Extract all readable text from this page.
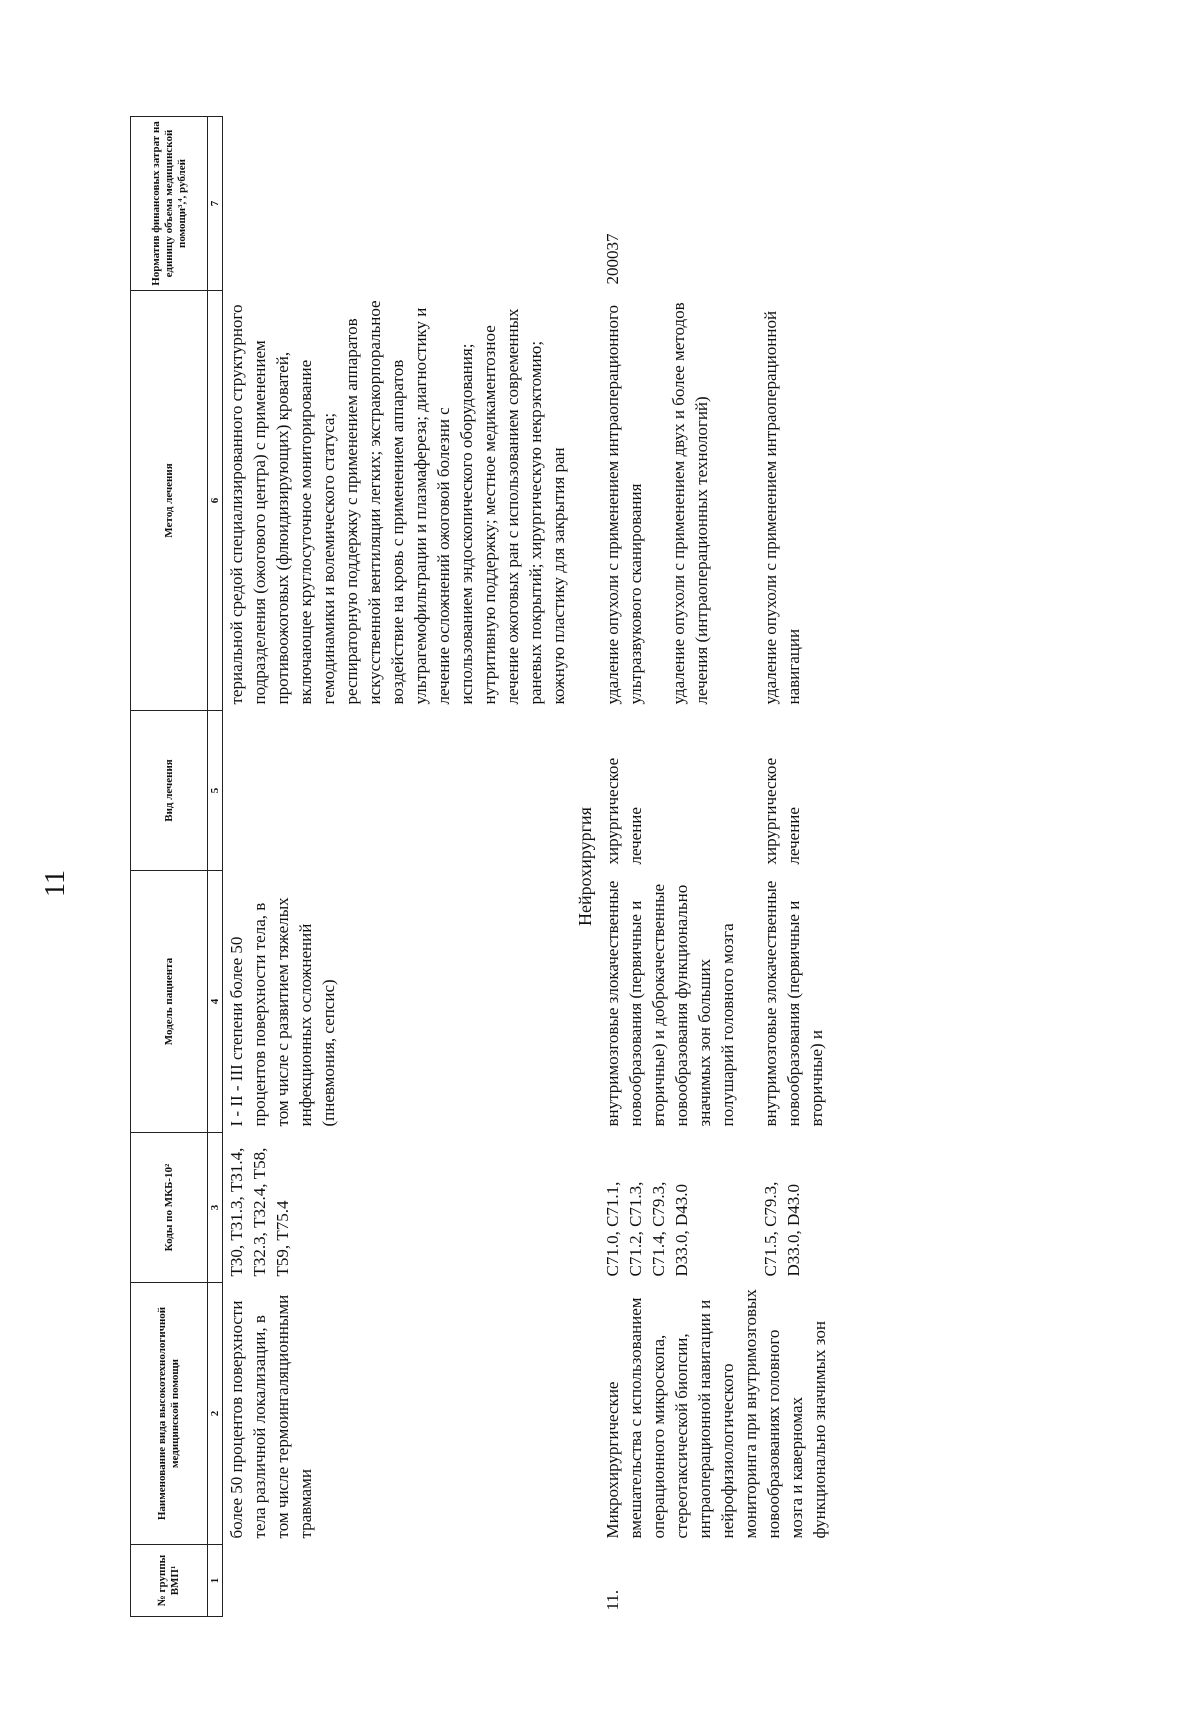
11
№ группы ВМП¹	Наименование вида высокотехнологичной медицинской помощи	Коды по МКБ-10²	Модель пациента	Вид лечения	Метод лечения	Норматив финансовых затрат на единицу объема медицинской помощи³,⁴, рублей
1	2	3	4	5	6	7
	более 50 процентов поверхности тела различной локализации, в том числе термоингаляционными травмами	Т30, Т31.3, Т31.4, Т32.3, Т32.4, Т58, Т59, Т75.4	I - II - III степени более 50 процентов поверхности тела, в том числе с развитием тяжелых инфекционных осложнений (пневмония, сепсис)		териальной средой специализированного структурного подразделения (ожогового центра) с применением противоожоговых (флюидизирующих) кроватей, включающее круглосуточное мониторирование гемодинамики и волемического статуса; респираторную поддержку с применением аппаратов искусственной вентиляции легких; экстракорпоральное воздействие на кровь с применением аппаратов ультрагемофильтрации и плазмафереза; диагностику и лечение осложнений ожоговой болезни с использованием эндоскопического оборудования; нутритивную поддержку; местное медикаментозное лечение ожоговых ран с использованием современных раневых покрытий; хирургическую некрэктомию; кожную пластику для закрытия ран	

Нейрохирургия						
11.	Микрохирургические вмешательства с использованием операционного микроскопа, стереотаксической биопсии, интраоперационной навигации и нейрофизиологического мониторинга при внутримозговых новообразованиях головного мозга и каверномах функционально значимых зон	C71.0, C71.1, C71.2, C71.3, C71.4, C79.3, D33.0, D43.0	внутримозговые злокачественные новообразования (первичные и вторичные) и доброкачественные новообразования функционально значимых зон больших полушарий головного мозга	хирургическое лечение	удаление опухоли с применением интраоперационного ультразвукового сканирования удаление опухоли с применением двух и более методов лечения (интраоперационных технологий)	200037
		C71.5, C79.3, D33.0, D43.0	внутримозговые злокачественные новообразования (первичные и вторичные) и	хирургическое лечение	удаление опухоли с применением интраоперационной навигации	
